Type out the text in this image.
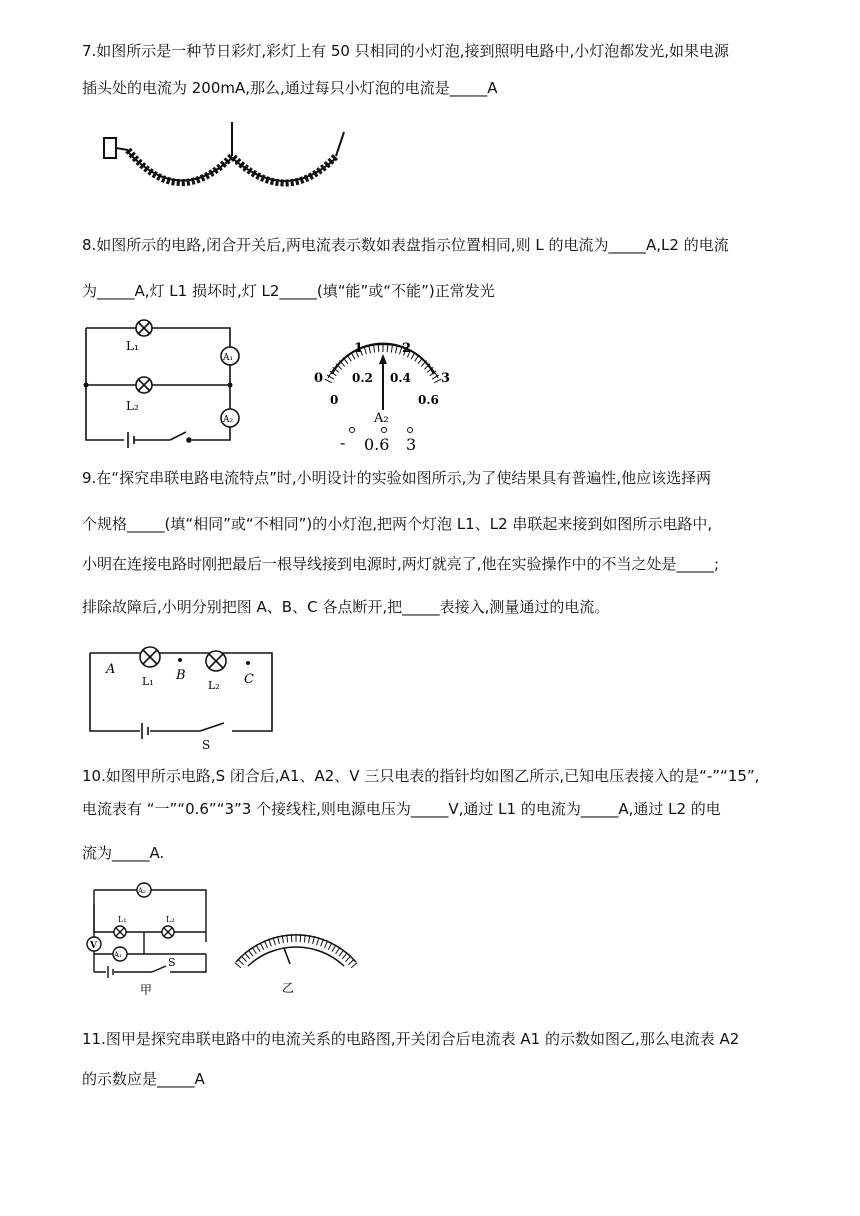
7.如图所示是一种节日彩灯,彩灯上有 50 只相同的小灯泡,接到照明电路中,小灯泡都发光,如果电源
插头处的电流为 200mA,那么,通过每只小灯泡的电流是_____A
8.如图所示的电路,闭合开关后,两电流表示数如表盘指示位置相同,则 L 的电流为_____A,L2 的电流
为_____A,灯 L1 损坏时,灯 L2_____(填“能”或“不能”)正常发光
L₁
L₂
A₁
A₂
0
1	2
3
0
0.2 0.4
0.6
A₂
- 0.6 3
9.在“探究串联电路电流特点”时,小明设计的实验如图所示,为了使结果具有普遍性,他应该选择两
个规格_____(填“相同”或“不相同”)的小灯泡,把两个灯泡 L1、L2 串联起来接到如图所示电路中,
小明在连接电路时刚把最后一根导线接到电源时,两灯就亮了,他在实验操作中的不当之处是_____;
排除故障后,小明分别把图 A、B、C 各点断开,把_____表接入,测量通过的电流。
A	B	C
L₁	L₂
S
10.如图甲所示电路,S 闭合后,A1、A2、V 三只电表的指针均如图乙所示,已知电压表接入的是“-”“15”,
电流表有 “一”“0.6”“3”3 个接线柱,则电源电压为_____V,通过 L1 的电流为_____A,通过 L2 的电
流为_____A.
A₂
L₁	L₂
V
A₁
S
甲	乙
11.图甲是探究串联电路中的电流关系的电路图,开关闭合后电流表 A1 的示数如图乙,那么电流表 A2
的示数应是_____A
